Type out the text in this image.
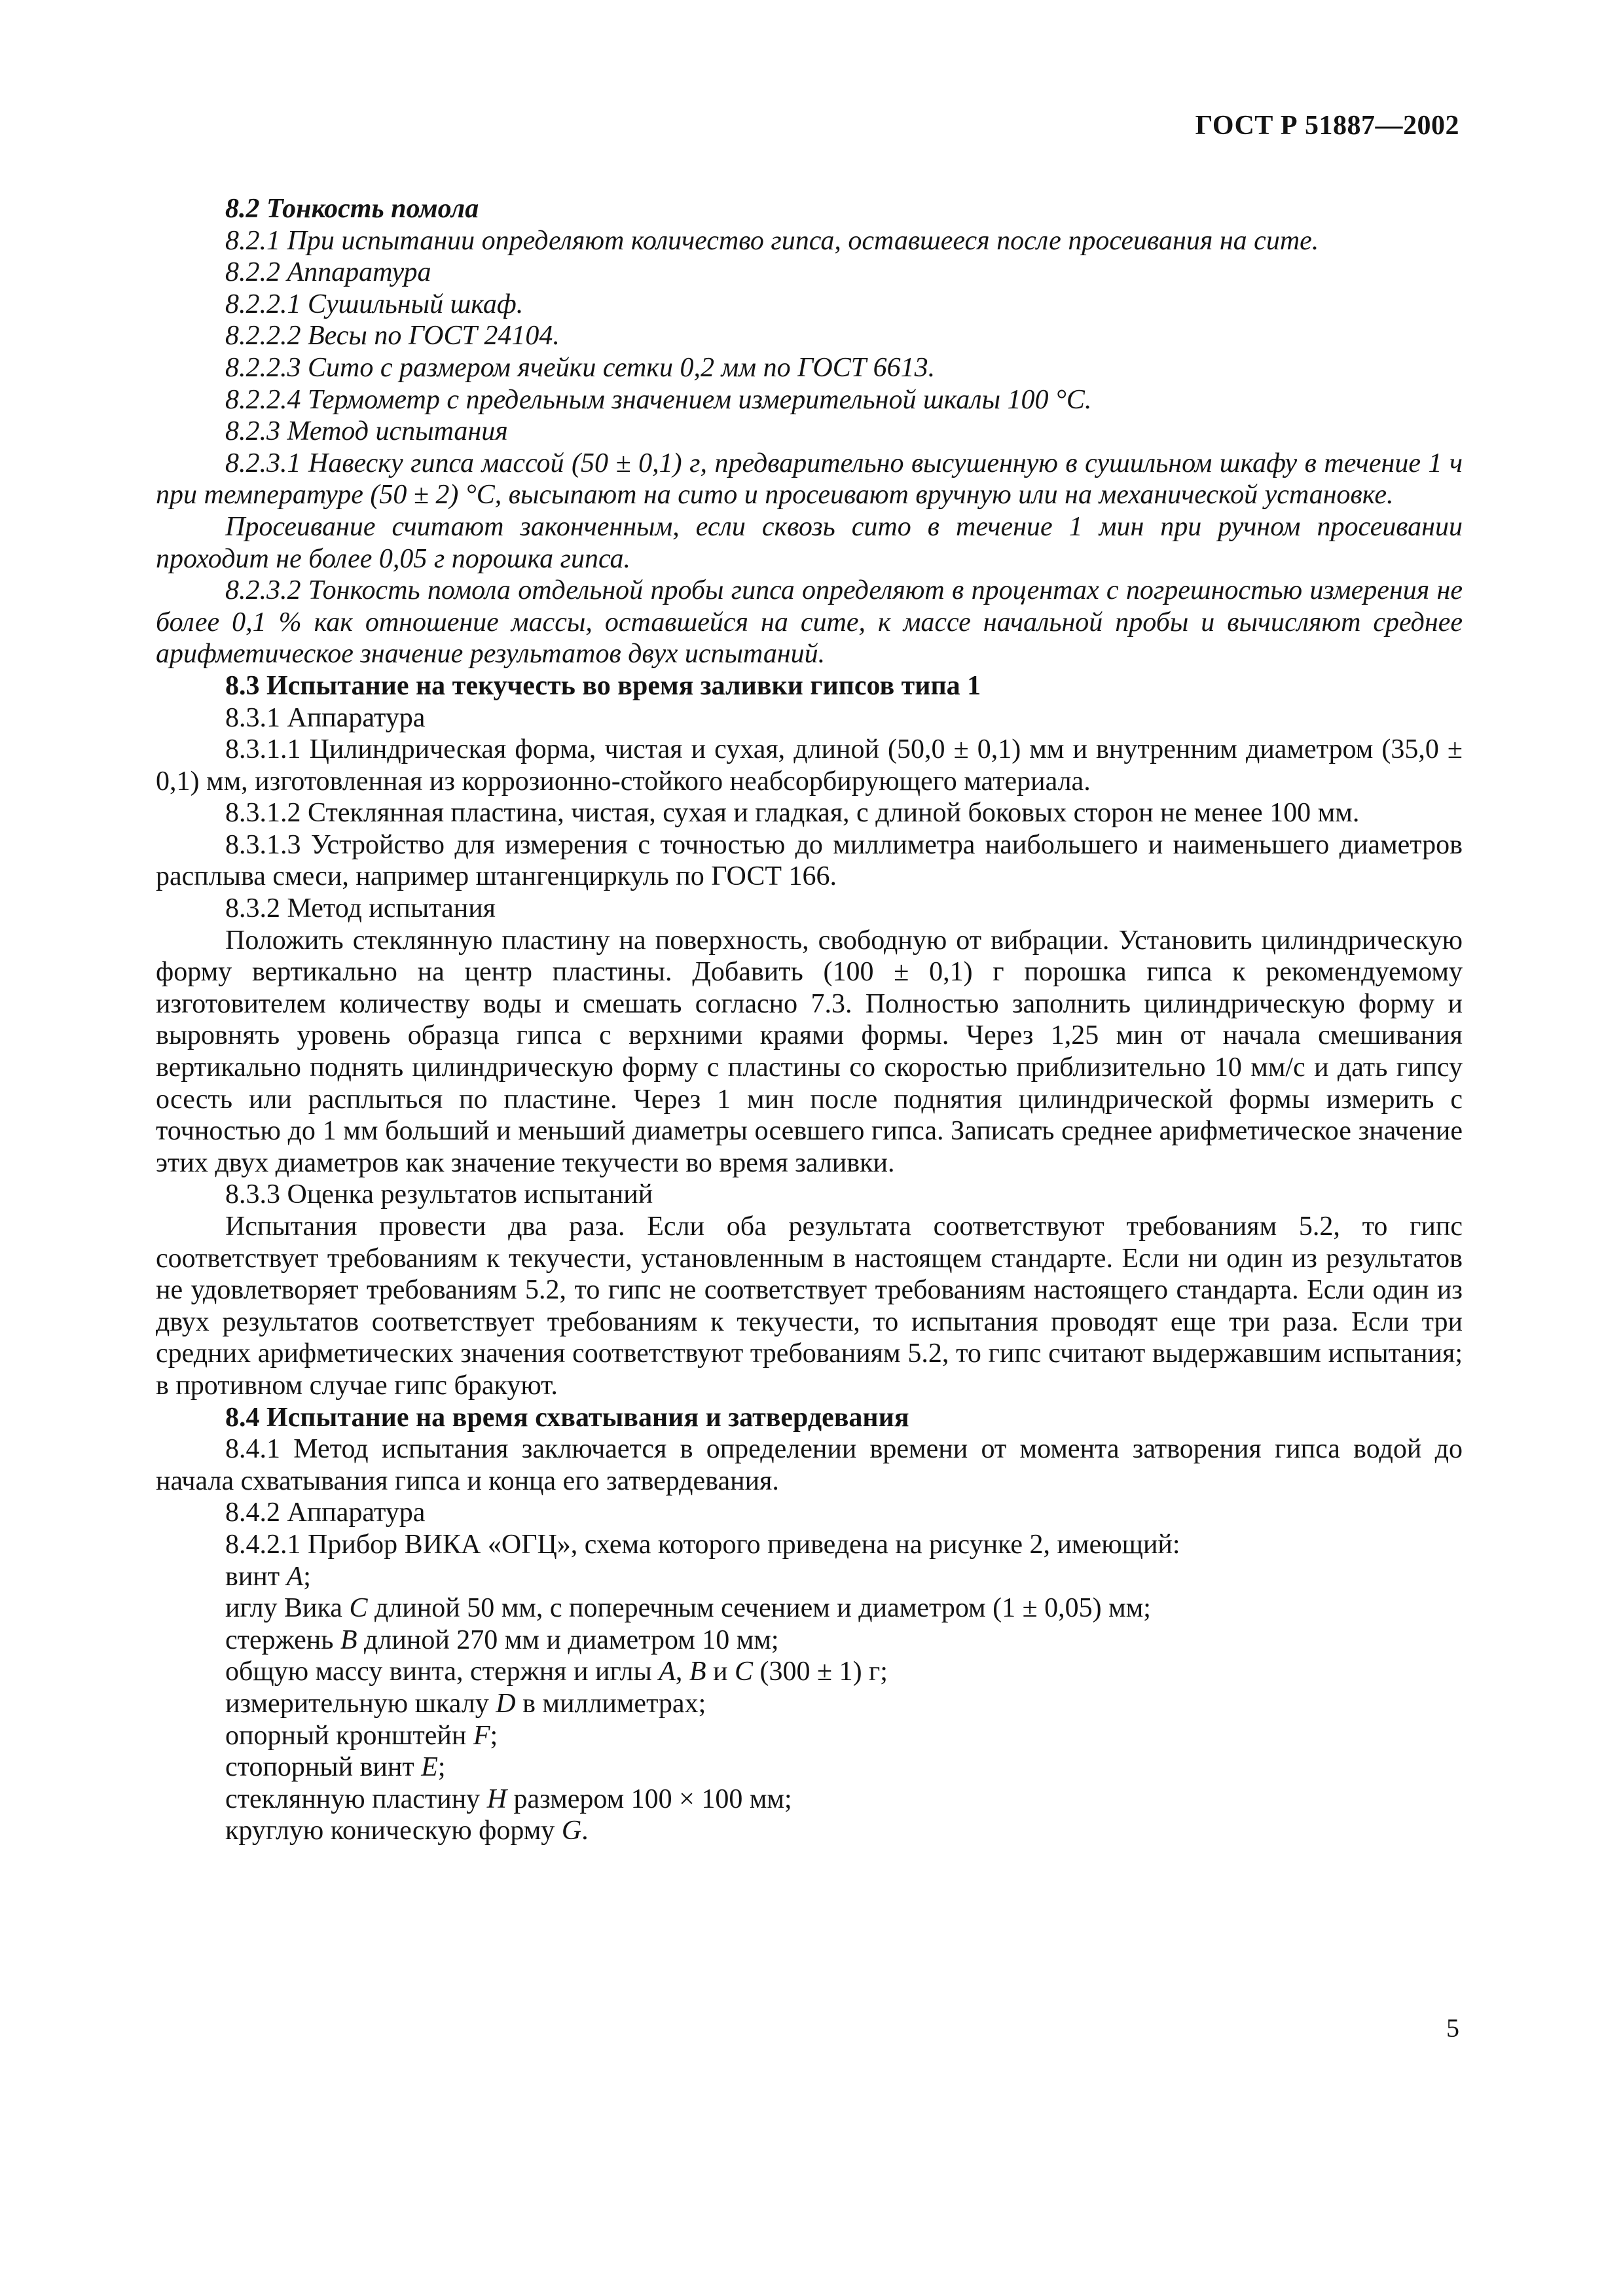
ГОСТ Р 51887—2002

8.2 Тонкость помола

8.2.1 При испытании определяют количество гипса, оставшееся после просеивания на сите.

8.2.2 Аппаратура

8.2.2.1 Сушильный шкаф.

8.2.2.2 Весы по ГОСТ 24104.

8.2.2.3 Сито с размером ячейки сетки 0,2 мм по ГОСТ 6613.

8.2.2.4 Термометр с предельным значением измерительной шкалы 100 °С.

8.2.3 Метод испытания

8.2.3.1 Навеску гипса массой (50 ± 0,1) г, предварительно высушенную в сушильном шкафу в течение 1 ч при температуре (50 ± 2) °С, высыпают на сито и просеивают вручную или на механической установке.

Просеивание считают законченным, если сквозь сито в течение 1 мин при ручном просеивании проходит не более 0,05 г порошка гипса.

8.2.3.2 Тонкость помола отдельной пробы гипса определяют в процентах с погрешностью измерения не более 0,1 % как отношение массы, оставшейся на сите, к массе начальной пробы и вычисляют среднее арифметическое значение результатов двух испытаний.

8.3 Испытание на текучесть во время заливки гипсов типа 1

8.3.1 Аппаратура

8.3.1.1 Цилиндрическая форма, чистая и сухая, длиной (50,0 ± 0,1) мм и внутренним диаметром (35,0 ± 0,1) мм, изготовленная из коррозионно-стойкого неабсорбирующего материала.

8.3.1.2 Стеклянная пластина, чистая, сухая и гладкая, с длиной боковых сторон не менее 100 мм.

8.3.1.3 Устройство для измерения с точностью до миллиметра наибольшего и наименьшего диаметров расплыва смеси, например штангенциркуль по ГОСТ 166.

8.3.2 Метод испытания

Положить стеклянную пластину на поверхность, свободную от вибрации. Установить цилиндрическую форму вертикально на центр пластины. Добавить (100 ± 0,1) г порошка гипса к рекомендуемому изготовителем количеству воды и смешать согласно 7.3. Полностью заполнить цилиндрическую форму и выровнять уровень образца гипса с верхними краями формы. Через 1,25 мин от начала смешивания вертикально поднять цилиндрическую форму с пластины со скоростью приблизительно 10 мм/с и дать гипсу осесть или расплыться по пластине. Через 1 мин после поднятия цилиндрической формы измерить с точностью до 1 мм больший и меньший диаметры осевшего гипса. Записать среднее арифметическое значение этих двух диаметров как значение текучести во время заливки.

8.3.3 Оценка результатов испытаний

Испытания провести два раза. Если оба результата соответствуют требованиям 5.2, то гипс соответствует требованиям к текучести, установленным в настоящем стандарте. Если ни один из результатов не удовлетворяет требованиям 5.2, то гипс не соответствует требованиям настоящего стандарта. Если один из двух результатов соответствует требованиям к текучести, то испытания проводят еще три раза. Если три средних арифметических значения соответствуют требованиям 5.2, то гипс считают выдержавшим испытания; в противном случае гипс бракуют.

8.4 Испытание на время схватывания и затвердевания

8.4.1 Метод испытания заключается в определении времени от момента затворения гипса водой до начала схватывания гипса и конца его затвердевания.

8.4.2 Аппаратура

8.4.2.1 Прибор ВИКА «ОГЦ», схема которого приведена на рисунке 2, имеющий:

винт A;

иглу Вика C длиной 50 мм, с поперечным сечением и диаметром (1 ± 0,05) мм;

стержень B длиной 270 мм и диаметром 10 мм;

общую массу винта, стержня и иглы A, B и C (300 ± 1) г;

измерительную шкалу D в миллиметрах;

опорный кронштейн F;

стопорный винт E;

стеклянную пластину H размером 100 × 100 мм;

круглую коническую форму G.

5
